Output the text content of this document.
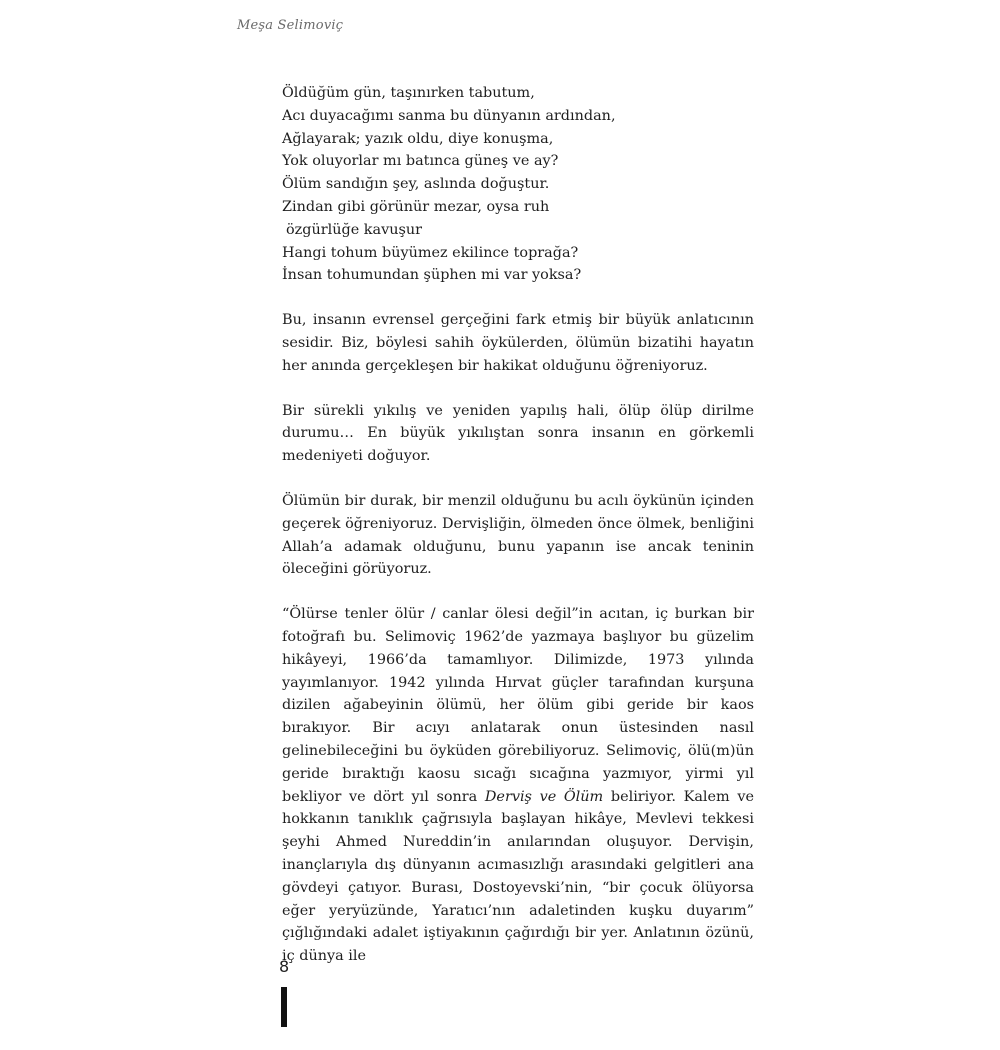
Meşa Selimoviç
Öldüğüm gün, taşınırken tabutum,
Acı duyacağımı sanma bu dünyanın ardından,
Ağlayarak; yazık oldu, diye konuşma,
Yok oluyorlar mı batınca güneş ve ay?
Ölüm sandığın şey, aslında doğuştur.
Zindan gibi görünür mezar, oysa ruh
özgürlüğe kavuşur
Hangi tohum büyümez ekilince toprağa?
İnsan tohumundan şüphen mi var yoksa?

Bu, insanın evrensel gerçeğini fark etmiş bir büyük anlatıcının sesidir. Biz, böylesi sahih öykülerden, ölümün bizatihi hayatın her anında gerçekleşen bir hakikat olduğunu öğreniyoruz.

Bir sürekli yıkılış ve yeniden yapılış hali, ölüp ölüp dirilme durumu… En büyük yıkılıştan sonra insanın en görkemli medeniyeti doğuyor.

Ölümün bir durak, bir menzil olduğunu bu acılı öykünün içinden geçerek öğreniyoruz. Dervişliğin, ölmeden önce ölmek, benliğini Allah’a adamak olduğunu, bunu yapanın ise ancak teninin öleceğini görüyoruz.

“Ölürse tenler ölür / canlar ölesi değil”in acıtan, iç burkan bir fotoğrafı bu. Selimoviç 1962’de yazmaya başlıyor bu güzelim hikâyeyi, 1966’da tamamlıyor. Dilimizde, 1973 yılında yayımlanıyor. 1942 yılında Hırvat güçler tarafından kurşuna dizilen ağabeyinin ölümü, her ölüm gibi geride bir kaos bırakıyor. Bir acıyı anlatarak onun üstesinden nasıl gelinebileceğini bu öyküden görebiliyoruz. Selimoviç, ölü(m)ün geride bıraktığı kaosu sıcağı sıcağına yazmıyor, yirmi yıl bekliyor ve dört yıl sonra Derviş ve Ölüm beliriyor. Kalem ve hokkanın tanıklık çağrısıyla başlayan hikâye, Mevlevi tekkesi şeyhi Ahmed Nureddin’in anılarından oluşuyor. Dervişin, inançlarıyla dış dünyanın acımasızlığı arasındaki gelgitleri ana gövdeyi çatıyor. Burası, Dostoyevski’nin, “bir çocuk ölüyorsa eğer yeryüzünde, Yaratıcı’nın adaletinden kuşku duyarım” çığlığındaki adalet iştiyakının çağırdığı bir yer. Anlatının özünü, iç dünya ile

8
